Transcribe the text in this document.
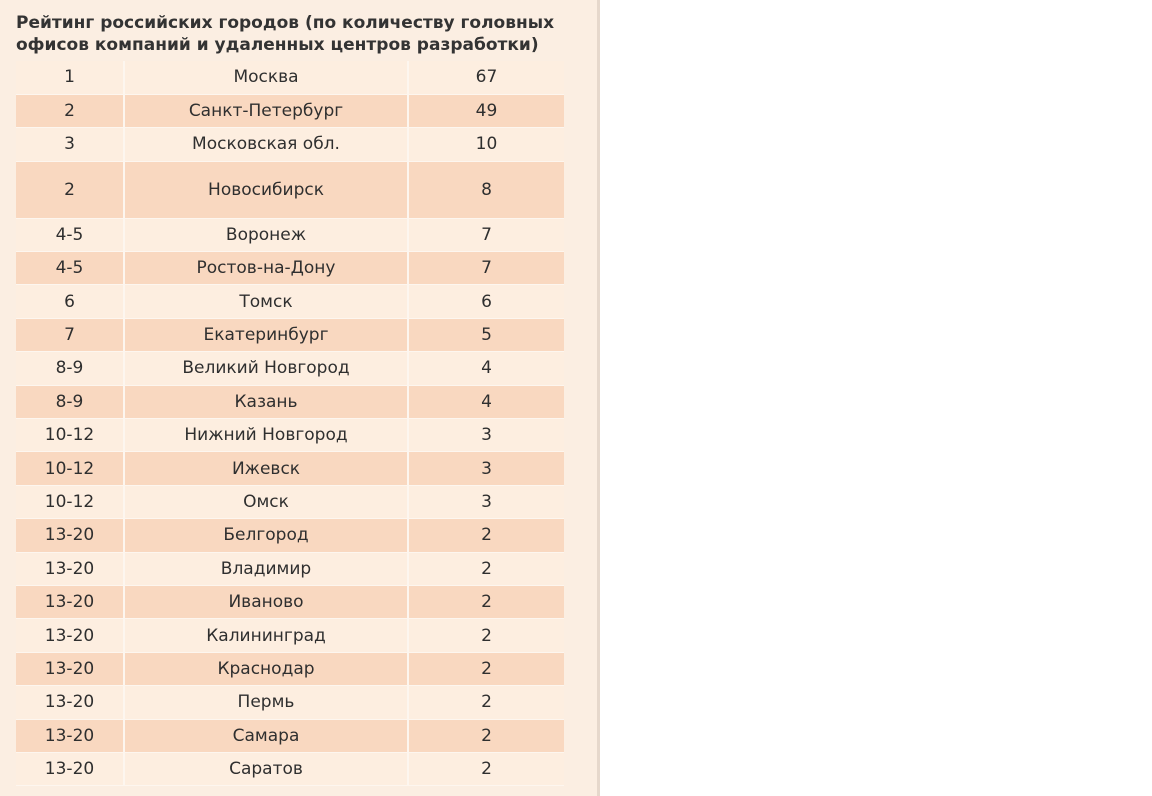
Рейтинг российских городов (по количеству головных офисов компаний и удаленных центров разработки)
1	Москва	67
2	Санкт-Петербург	49
3	Московская обл.	10
2	Новосибирск	8
4-5	Воронеж	7
4-5	Ростов-на-Дону	7
6	Томск	6
7	Екатеринбург	5
8-9	Великий Новгород	4
8-9	Казань	4
10-12	Нижний Новгород	3
10-12	Ижевск	3
10-12	Омск	3
13-20	Белгород	2
13-20	Владимир	2
13-20	Иваново	2
13-20	Калининград	2
13-20	Краснодар	2
13-20	Пермь	2
13-20	Самара	2
13-20	Саратов	2
